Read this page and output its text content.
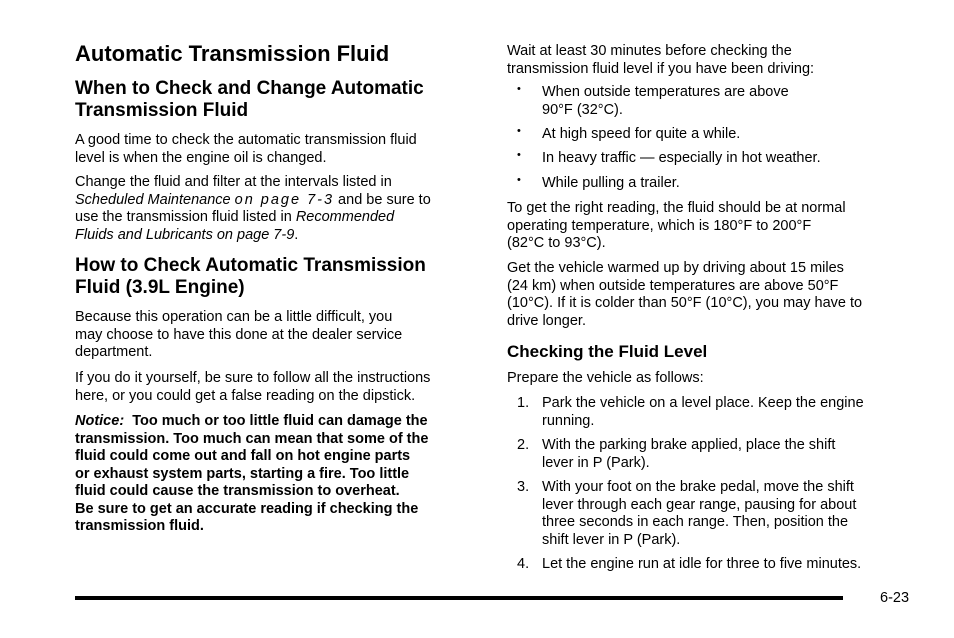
Automatic Transmission Fluid
When to Check and Change Automatic
Transmission Fluid

A good time to check the automatic transmission fluid
level is when the engine oil is changed.

Change the fluid and filter at the intervals listed in
Scheduled Maintenance on page 7-3 and be sure to
use the transmission fluid listed in Recommended
Fluids and Lubricants on page 7-9.

How to Check Automatic Transmission
Fluid (3.9L Engine)

Because this operation can be a little difficult, you
may choose to have this done at the dealer service
department.

If you do it yourself, be sure to follow all the instructions
here, or you could get a false reading on the dipstick.

Notice:  Too much or too little fluid can damage the
transmission. Too much can mean that some of the
fluid could come out and fall on hot engine parts
or exhaust system parts, starting a fire. Too little
fluid could cause the transmission to overheat.
Be sure to get an accurate reading if checking the
transmission fluid.

Wait at least 30 minutes before checking the
transmission fluid level if you have been driving:

• When outside temperatures are above
90°F (32°C).
• At high speed for quite a while.
• In heavy traffic — especially in hot weather.
• While pulling a trailer.

To get the right reading, the fluid should be at normal
operating temperature, which is 180°F to 200°F
(82°C to 93°C).

Get the vehicle warmed up by driving about 15 miles
(24 km) when outside temperatures are above 50°F
(10°C). If it is colder than 50°F (10°C), you may have to
drive longer.

Checking the Fluid Level

Prepare the vehicle as follows:

1. Park the vehicle on a level place. Keep the engine
running.
2. With the parking brake applied, place the shift
lever in P (Park).
3. With your foot on the brake pedal, move the shift
lever through each gear range, pausing for about
three seconds in each range. Then, position the
shift lever in P (Park).
4. Let the engine run at idle for three to five minutes.
6-23
